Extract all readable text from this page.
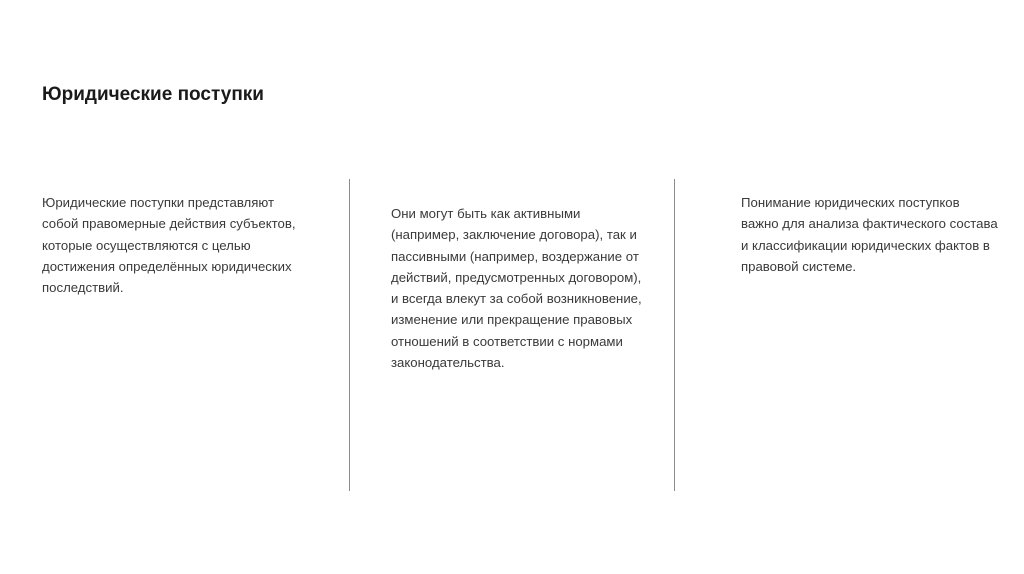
Юридические поступки
Юридические поступки представляют
собой правомерные действия субъектов,
которые осуществляются с целью
достижения определённых юридических
последствий.
Они могут быть как активными
(например, заключение договора), так и
пассивными (например, воздержание от
действий, предусмотренных договором),
и всегда влекут за собой возникновение,
изменение или прекращение правовых
отношений в соответствии с нормами
законодательства.
Понимание юридических поступков
важно для анализа фактического состава
и классификации юридических фактов в
правовой системе.
